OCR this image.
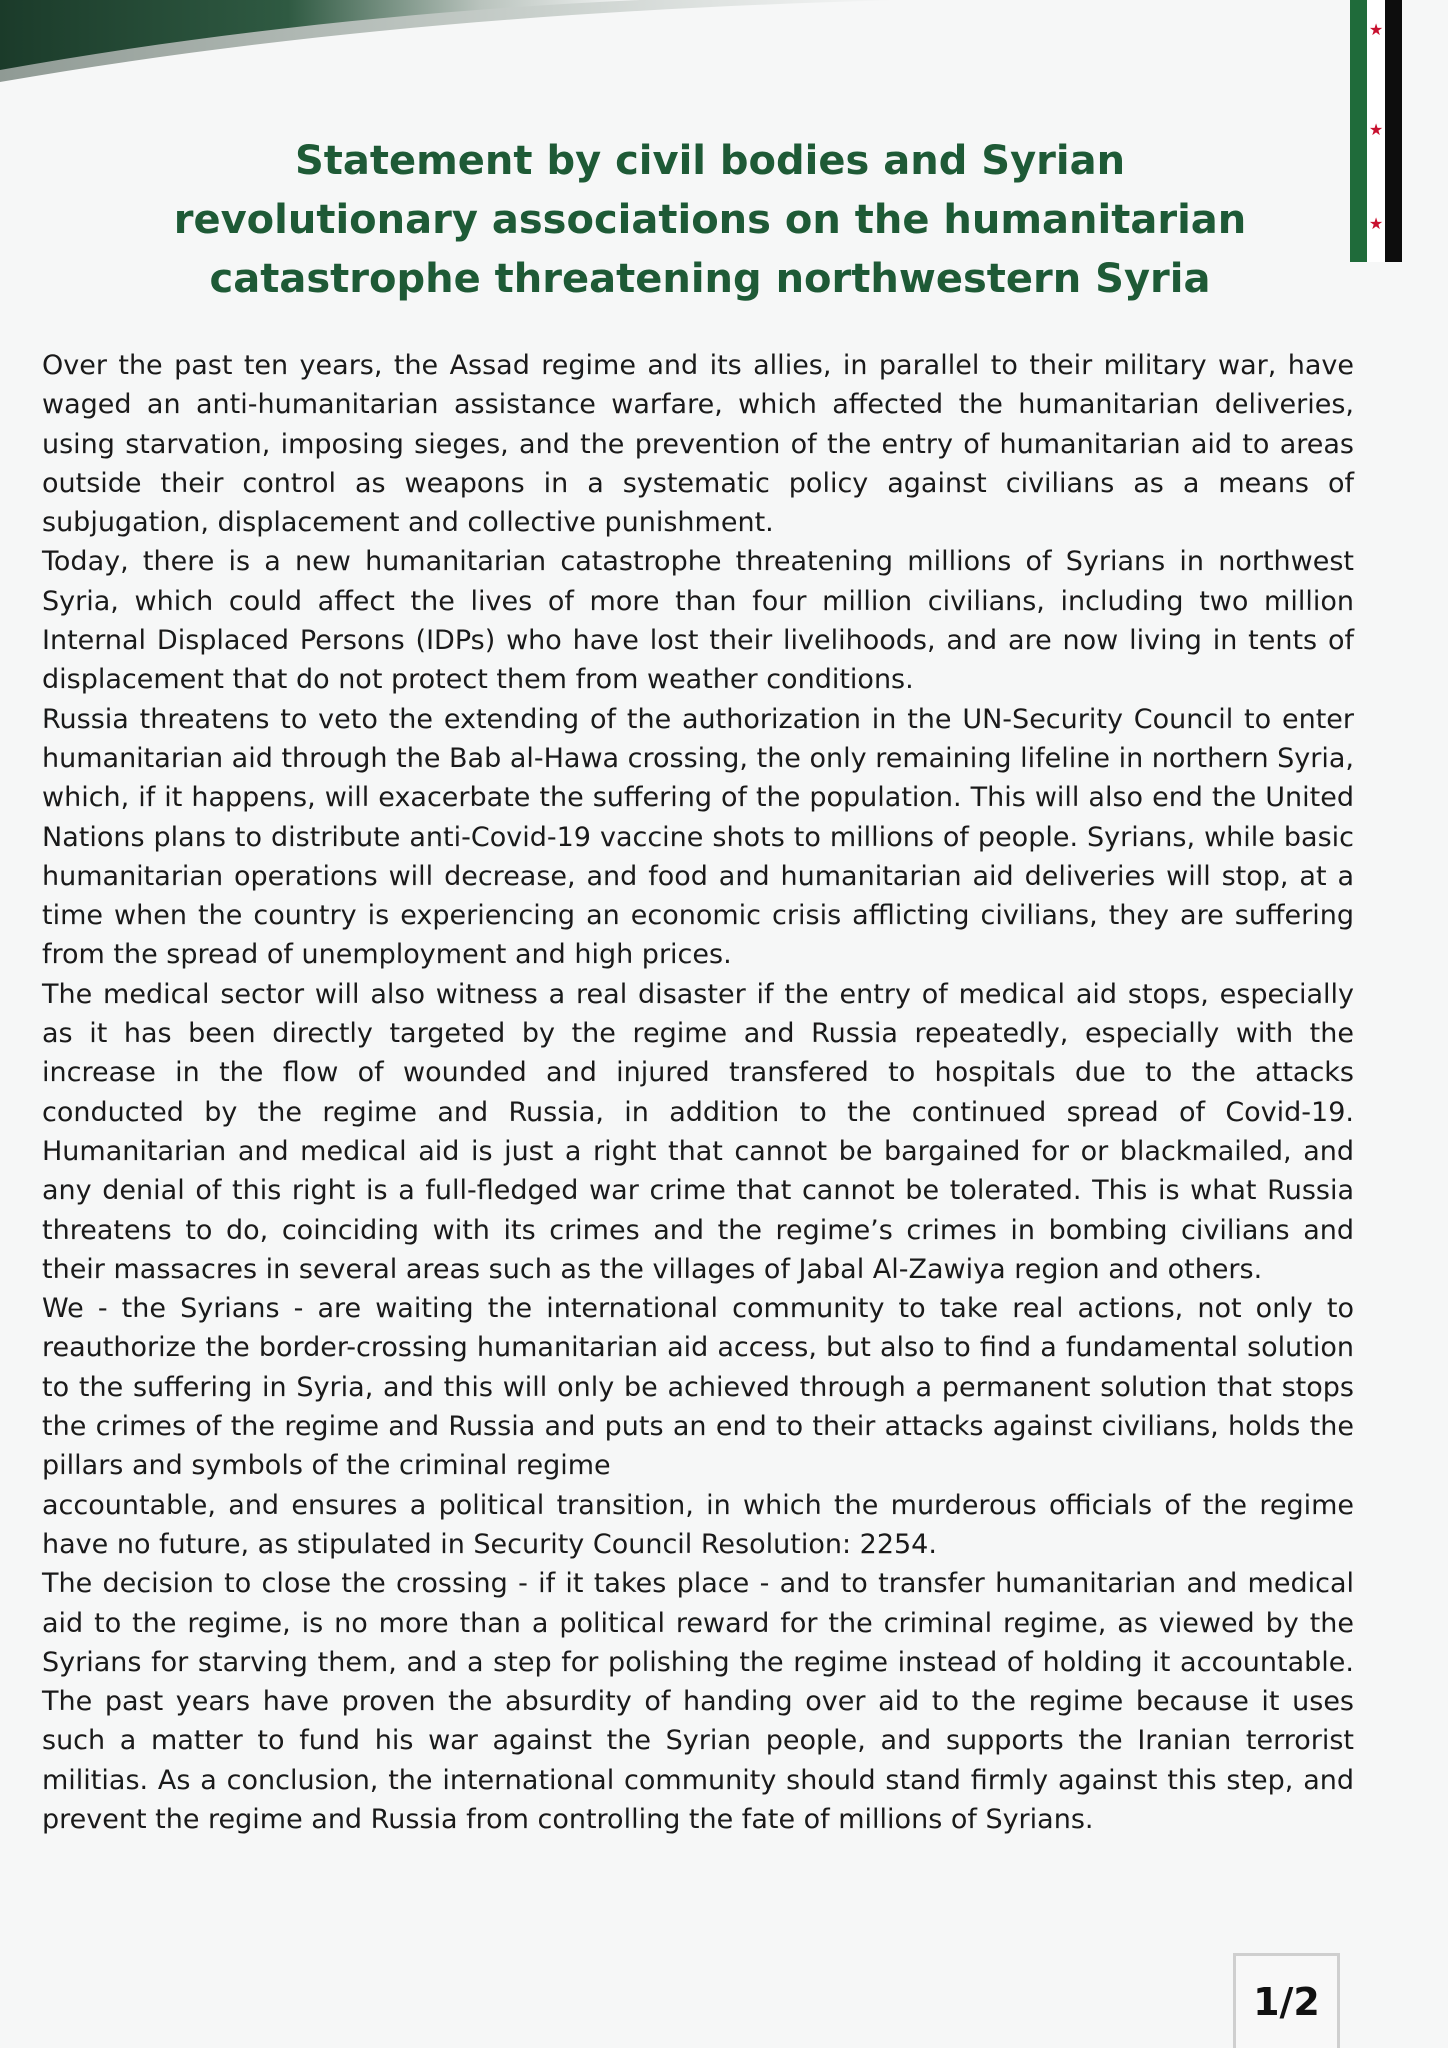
★
★
★
Statement by civil bodies and Syrian
revolutionary associations on the humanitarian
catastrophe threatening northwestern Syria

Over the past ten years, the Assad regime and its allies, in parallel to their military war, have waged an anti-humanitarian assistance warfare, which affected the humanitarian deliveries, using starvation, imposing sieges, and the prevention of the entry of humanitarian aid to areas outside their control as weapons in a systematic policy against civilians as a means of subjugation, displacement and collective punishment.

Today, there is a new humanitarian catastrophe threatening millions of Syrians in northwest Syria, which could affect the lives of more than four million civilians, including two million Internal Displaced Persons (IDPs) who have lost their livelihoods, and are now living in tents of displacement that do not protect them from weather conditions.

Russia threatens to veto the extending of the authorization in the UN-Security Council to enter humanitarian aid through the Bab al-Hawa crossing, the only remaining lifeline in northern Syria, which, if it happens, will exacerbate the suffering of the population. This will also end the United Nations plans to distribute anti-Covid-19 vaccine shots to millions of people. Syrians, while basic humanitarian operations will decrease, and food and humanitarian aid deliveries will stop, at a time when the country is experiencing an economic crisis afflicting civilians, they are suffering from the spread of unemployment and high prices.

The medical sector will also witness a real disaster if the entry of medical aid stops, especially as it has been directly targeted by the regime and Russia repeatedly, especially with the increase in the flow of wounded and injured transfered to hospitals due to the attacks conducted by the regime and Russia, in addition to the continued spread of Covid-19. Humanitarian and medical aid is just a right that cannot be bargained for or blackmailed, and any denial of this right is a full-fledged war crime that cannot be tolerated. This is what Russia threatens to do, coinciding with its crimes and the regime’s crimes in bombing civilians and their massacres in several areas such as the villages of Jabal Al-Zawiya region and others.

We - the Syrians - are waiting the international community to take real actions, not only to reauthorize the border-crossing humanitarian aid access, but also to find a fundamental solution to the suffering in Syria, and this will only be achieved through a permanent solution that stops the crimes of the regime and Russia and puts an end to their attacks against civilians, holds the pillars and symbols of the criminal regime

accountable, and ensures a political transition, in which the murderous officials of the regime have no future, as stipulated in Security Council Resolution: 2254.

The decision to close the crossing - if it takes place - and to transfer humanitarian and medical aid to the regime, is no more than a political reward for the criminal regime, as viewed by the Syrians for starving them, and a step for polishing the regime instead of holding it accountable. The past years have proven the absurdity of handing over aid to the regime because it uses such a matter to fund his war against the Syrian people, and supports the Iranian terrorist militias. As a conclusion, the international community should stand firmly against this step, and prevent the regime and Russia from controlling the fate of millions of Syrians.

1/2
